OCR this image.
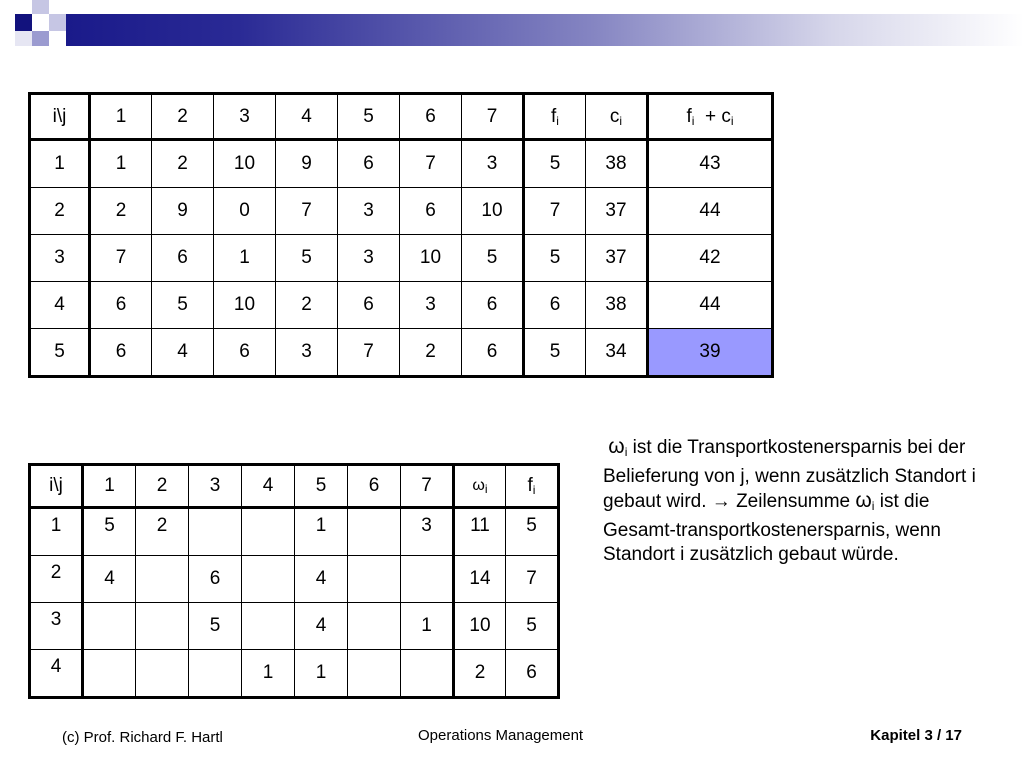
i\j	1	2	3	4	5	6	7	$f_i$	$c_i$	$f_i + c_i$
1	1	2	10	9	6	7	3	5	38	43
2	2	9	0	7	3	6	10	7	37	44
3	7	6	1	5	3	10	5	5	37	42
4	6	5	10	2	6	3	6	6	38	44
5	6	4	6	3	7	2	6	5	34	39
i\j	1	2	3	4	5	6	7	$\omega_i$	$f_i$
1	5	2			1		3	11	5
2	4		6		4			14	7
3			5		4		1	10	5
4				1	1			2	6
$\omega_i$ ist die Transportkostenersparnis bei der Belieferung von j, wenn zusätzlich Standort i gebaut wird. → Zeilensumme $\omega_i$ ist die Gesamt-transportkostenersparnis, wenn Standort i zusätzlich gebaut würde.
(c) Prof. Richard F. Hartl	Operations Management	Kapitel 3 / 17
